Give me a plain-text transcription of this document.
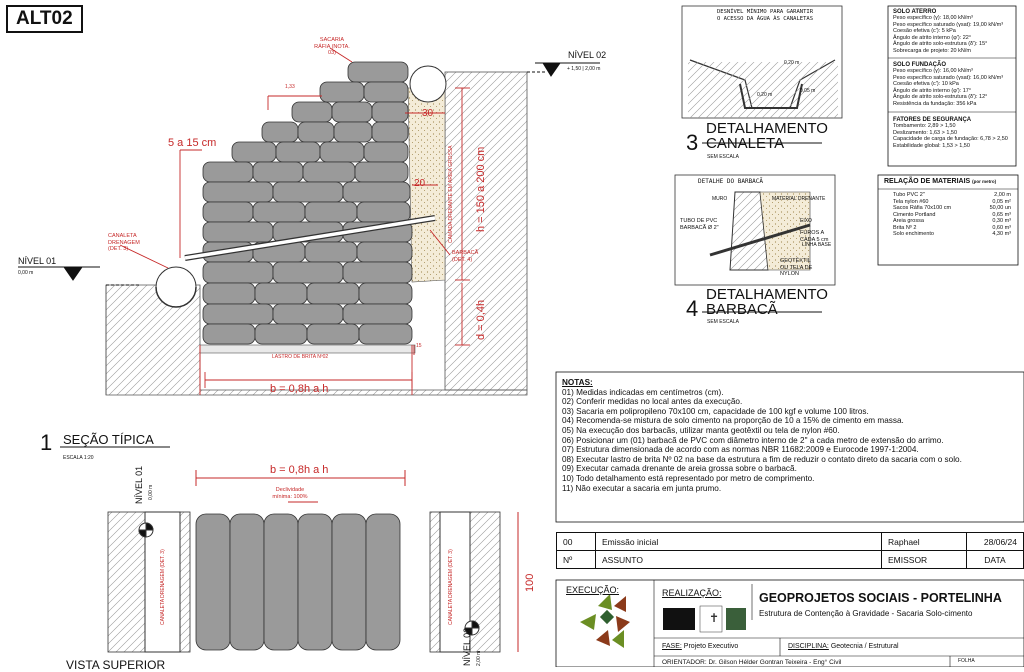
ALT02
✝
SACARIA RÁFIA (NOTA. 03)	NÍVEL 02
+ 1,50 | 2,00 m
NÍVEL 01
0,00 m
1,33
5 a 15 cm
CANALETA DRENAGEM (DET. 3)
30
20
15
h = 150 a 200 cm
d = 0,4h
b = 0,8h a h
CAMADA DRENANTE EM AREIA GROSSA
BARBACÃ (DET. 4)
LASTRO DE BRITA Nº02
1 SEÇÃO TÍPICA
ESCALA 1:20
b = 0,8h a h
Declividade mínima: 100%
NÍVEL 01 0,00 m
NÍVEL 02 2,00 m
CANALETA DRENAGEM (DET. 3)	CANALETA DRENAGEM (DET. 3)	100
VISTA SUPERIOR
DESNÍVEL MÍNIMO PARA GARANTIR O ACESSO DA ÁGUA ÀS CANALETAS
0,20 m
0,20 m
0,05 m
3
DETALHAMENTO CANALETA
SEM ESCALA
DETALHE DO BARBACÃ
MURO	MATERIAL DRENANTE
TUBO DE PVC BARBACÃ Ø 2"
EIXO
FUROS A CADA 5 cm
LINHA BASE
GEOTÊXTIL OU TELA DE NYLON
4
DETALHAMENTO BARBACÃ
SEM ESCALA
SOLO ATERRO
Peso específico (γ): 18,00 kN/m³
Peso específico saturado (γsat): 19,00 kN/m³
Coesão efetiva (c'): 5 kPa
Ângulo de atrito interno (φ'): 22°
Ângulo de atrito solo-estrutura (δ'): 15°
Sobrecarga de projeto: 20 kN/m
SOLO FUNDAÇÃO
Peso específico (γ): 16,00 kN/m³
Peso específico saturado (γsat): 16,00 kN/m³
Coesão efetiva (c'): 10 kPa
Ângulo de atrito interno (φ'): 17°
Ângulo de atrito solo-estrutura (δ'): 12°
Resistência da fundação: 356 kPa
FATORES DE SEGURANÇA
Tombamento: 2,89 > 1,50
Deslizamento: 1,63 > 1,50
Capacidade de carga de fundação: 6,78 > 2,50
Estabilidade global: 1,53 > 1,50
RELAÇÃO DE MATERIAIS (por metro)
Tubo PVC 2"	2,00 m
Tela nylon #60	0,05 m²
Sacos Ráfia 70x100 cm	50,00 un
Cimento Portland	0,65 m³
Areia grossa	0,30 m³
Brita Nº 2	0,60 m³
Solo enchimento	4,30 m³
NOTAS:
01) Medidas indicadas em centímetros (cm).
02) Conferir medidas no local antes da execução.
03) Sacaria em polipropileno 70x100 cm, capacidade de 100 kgf e volume 100 litros.
04) Recomenda-se mistura de solo cimento na proporção de 10 a 15% de cimento em massa.
05) Na execução dos barbacãs, utilizar manta geotêxtil ou tela de nylon #60.
06) Posicionar um (01) barbacã de PVC com diâmetro interno de 2" a cada metro de extensão do arrimo.
07) Estrutura dimensionada de acordo com as normas NBR 11682:2009 e Eurocode 1997-1:2004.
08) Executar lastro de brita Nº 02 na base da estrutura a fim de reduzir o contato direto da sacaria com o solo.
09) Executar camada drenante de areia grossa sobre o barbacã.
10) Todo detalhamento está representado por metro de comprimento.
11) Não executar a sacaria em junta prumo.
00	Emissão inicial	Raphael	28/06/24
Nº	ASSUNTO	EMISSOR	DATA
EXECUÇÃO:	REALIZAÇÃO:	GEOPROJETOS SOCIAIS - PORTELINHA
Estrutura de Contenção à Gravidade - Sacaria Solo-cimento
FASE: Projeto Executivo	DISCIPLINA: Geotecnia / Estrutural
ORIENTADOR: Dr. Gilson Hélder Gontran Teixeira - Eng° Civil	FOLHA
